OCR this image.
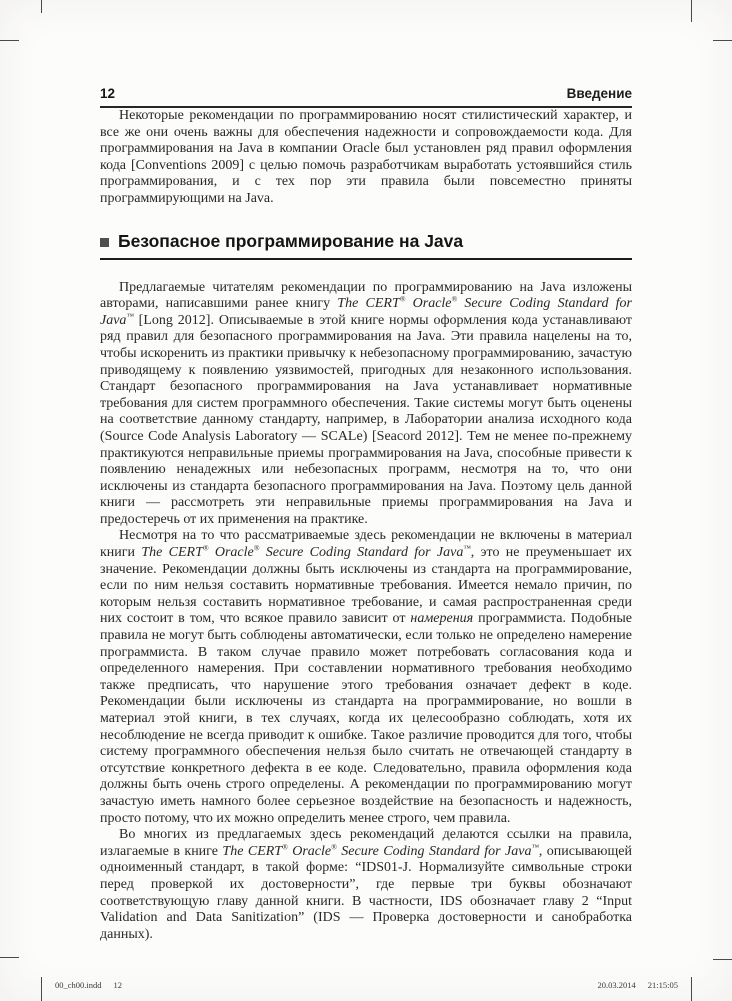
12	Введение

Некоторые рекомендации по программированию носят стилистический характер, и все же они очень важны для обеспечения надежности и сопровождаемости кода. Для программирования на Java в компании Oracle был установлен ряд правил оформления кода [Conventions 2009] с целью помочь разработчикам выработать устоявшийся стиль программирования, и с тех пор эти правила были повсеместно приняты программирующими на Java.

Безопасное программирование на Java

Предлагаемые читателям рекомендации по программированию на Java изложены авторами, написавшими ранее книгу The CERT® Oracle® Secure Coding Standard for Java™ [Long 2012]. Описываемые в этой книге нормы оформления кода устанавливают ряд правил для безопасного программирования на Java. Эти правила нацелены на то, чтобы искоренить из практики привычку к небезопасному программированию, зачастую приводящему к появлению уязвимостей, пригодных для незаконного использования. Стандарт безопасного программирования на Java устанавливает нормативные требования для систем программного обеспечения. Такие системы могут быть оценены на соответствие данному стандарту, например, в Лаборатории анализа исходного кода (Source Code Analysis Laboratory — SCALe) [Seacord 2012]. Тем не менее по-прежнему практикуются неправильные приемы программирования на Java, способные привести к появлению ненадежных или небезопасных программ, несмотря на то, что они исключены из стандарта безопасного программирования на Java. Поэтому цель данной книги — рассмотреть эти неправильные приемы программирования на Java и предостеречь от их применения на практике.

Несмотря на то что рассматриваемые здесь рекомендации не включены в материал книги The CERT® Oracle® Secure Coding Standard for Java™, это не преуменьшает их значение. Рекомендации должны быть исключены из стандарта на программирование, если по ним нельзя составить нормативные требования. Имеется немало причин, по которым нельзя составить нормативное требование, и самая распространенная среди них состоит в том, что всякое правило зависит от намерения программиста. Подобные правила не могут быть соблюдены автоматически, если только не определено намерение программиста. В таком случае правило может потребовать согласования кода и определенного намерения. При составлении нормативного требования необходимо также предписать, что нарушение этого требования означает дефект в коде. Рекомендации были исключены из стандарта на программирование, но вошли в материал этой книги, в тех случаях, когда их целесообразно соблюдать, хотя их несоблюдение не всегда приводит к ошибке. Такое различие проводится для того, чтобы систему программного обеспечения нельзя было считать не отвечающей стандарту в отсутствие конкретного дефекта в ее коде. Следовательно, правила оформления кода должны быть очень строго определены. А рекомендации по программированию могут зачастую иметь намного более серьезное воздействие на безопасность и надежность, просто потому, что их можно определить менее строго, чем правила.

Во многих из предлагаемых здесь рекомендаций делаются ссылки на правила, излагаемые в книге The CERT® Oracle® Secure Coding Standard for Java™, описывающей одноименный стандарт, в такой форме: “IDS01-J. Нормализуйте символьные строки перед проверкой их достоверности”, где первые три буквы обозначают соответствующую главу данной книги. В частности, IDS обозначает главу 2 “Input Validation and Data Sanitization” (IDS — Проверка достоверности и санобработка данных).

00_ch00.indd 12	20.03.2014 21:15:05
